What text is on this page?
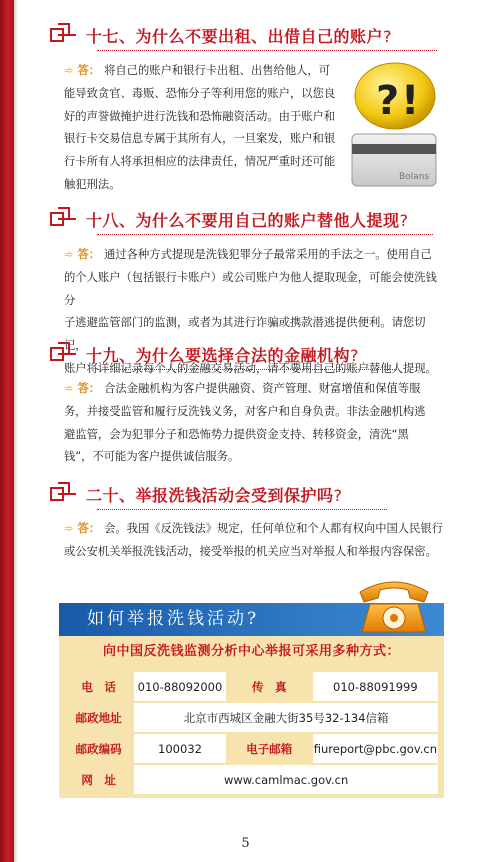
十七、为什么不要出租、出借自己的账户?
➾ 答： 将自己的账户和银行卡出租、出售给他人，可
能导致贪官、毒贩、恐怖分子等利用您的账户，以您良
好的声誉做掩护进行洗钱和恐怖融资活动。由于账户和
银行卡交易信息专属于其所有人，一旦案发，账户和银
行卡所有人将承担相应的法律责任，情况严重时还可能
触犯刑法。
? !
Bolans
十八、为什么不要用自己的账户替他人提现?
➾ 答： 通过各种方式提现是洗钱犯罪分子最常采用的手法之一。使用自己
的个人账户（包括银行卡账户）或公司账户为他人提取现金，可能会使洗钱分
子逃避监管部门的监测，或者为其进行诈骗或携款潜逃提供便利。请您切记，
账户将详细记录每个人的金融交易活动，请不要用自己的账户替他人提现。
十九、为什么要选择合法的金融机构?
➾ 答： 合法金融机构为客户提供融资、资产管理、财富增值和保值等服
务，并接受监管和履行反洗钱义务，对客户和自身负责。非法金融机构逃
避监管，会为犯罪分子和恐怖势力提供资金支持、转移资金，清洗“黑
钱”，不可能为客户提供诚信服务。
二十、举报洗钱活动会受到保护吗?
➾ 答： 会。我国《反洗钱法》规定，任何单位和个人都有权向中国人民银行
或公安机关举报洗钱活动，接受举报的机关应当对举报人和举报内容保密。
如何举报洗钱活动?
向中国反洗钱监测分析中心举报可采用多种方式：
电　话	010-88092000	传　真	010-88091999
邮政地址	北京市西城区金融大街35号32-134信箱		
邮政编码	100032	电子邮箱	fiureport@pbc.gov.cn
网　址	www.camlmac.gov.cn		
5
